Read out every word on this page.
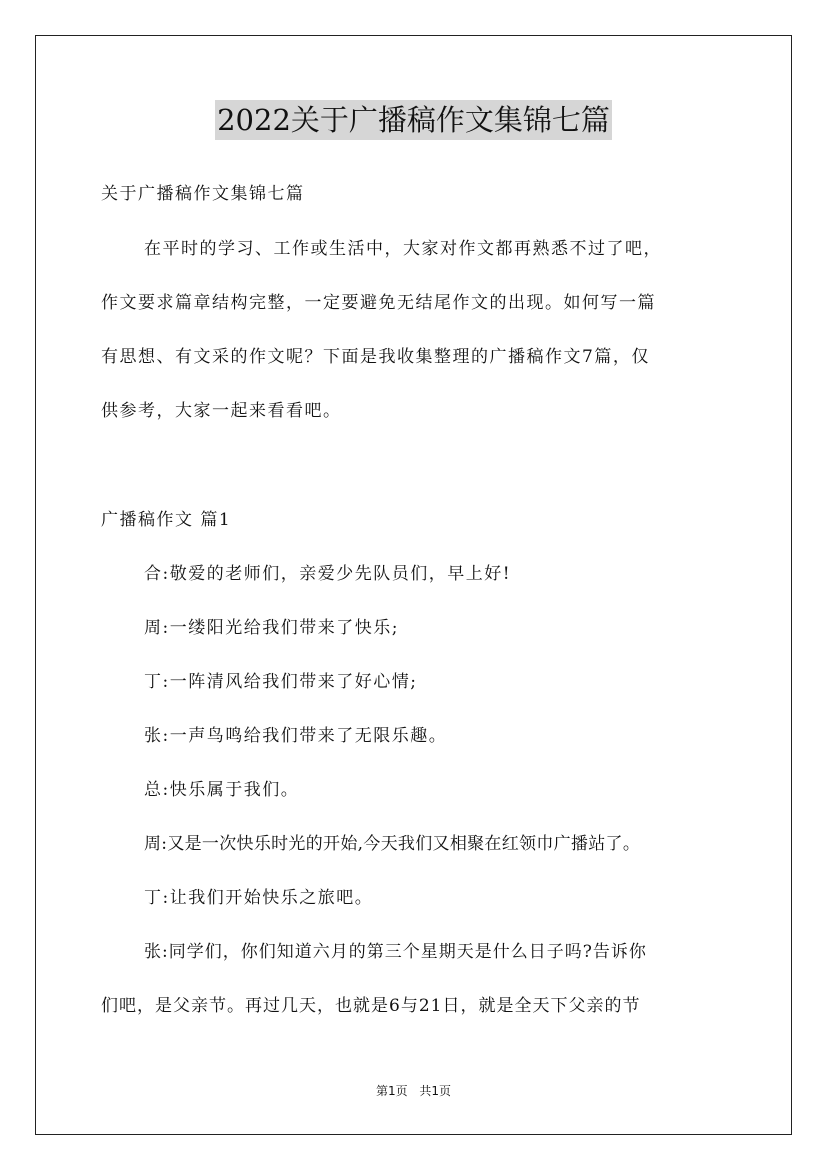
2022关于广播稿作文集锦七篇
关于广播稿作文集锦七篇
在平时的学习、工作或生活中，大家对作文都再熟悉不过了吧，
作文要求篇章结构完整，一定要避免无结尾作文的出现。如何写一篇
有思想、有文采的作文呢？下面是我收集整理的广播稿作文7篇，仅
供参考，大家一起来看看吧。
广播稿作文 篇1
合:敬爱的老师们，亲爱少先队员们，早上好!
周:一缕阳光给我们带来了快乐;
丁:一阵清风给我们带来了好心情;
张:一声鸟鸣给我们带来了无限乐趣。
总:快乐属于我们。
周:又是一次快乐时光的开始,今天我们又相聚在红领巾广播站了。
丁:让我们开始快乐之旅吧。
张:同学们，你们知道六月的第三个星期天是什么日子吗?告诉你
们吧，是父亲节。再过几天，也就是6与21日，就是全天下父亲的节
第1页 共1页
